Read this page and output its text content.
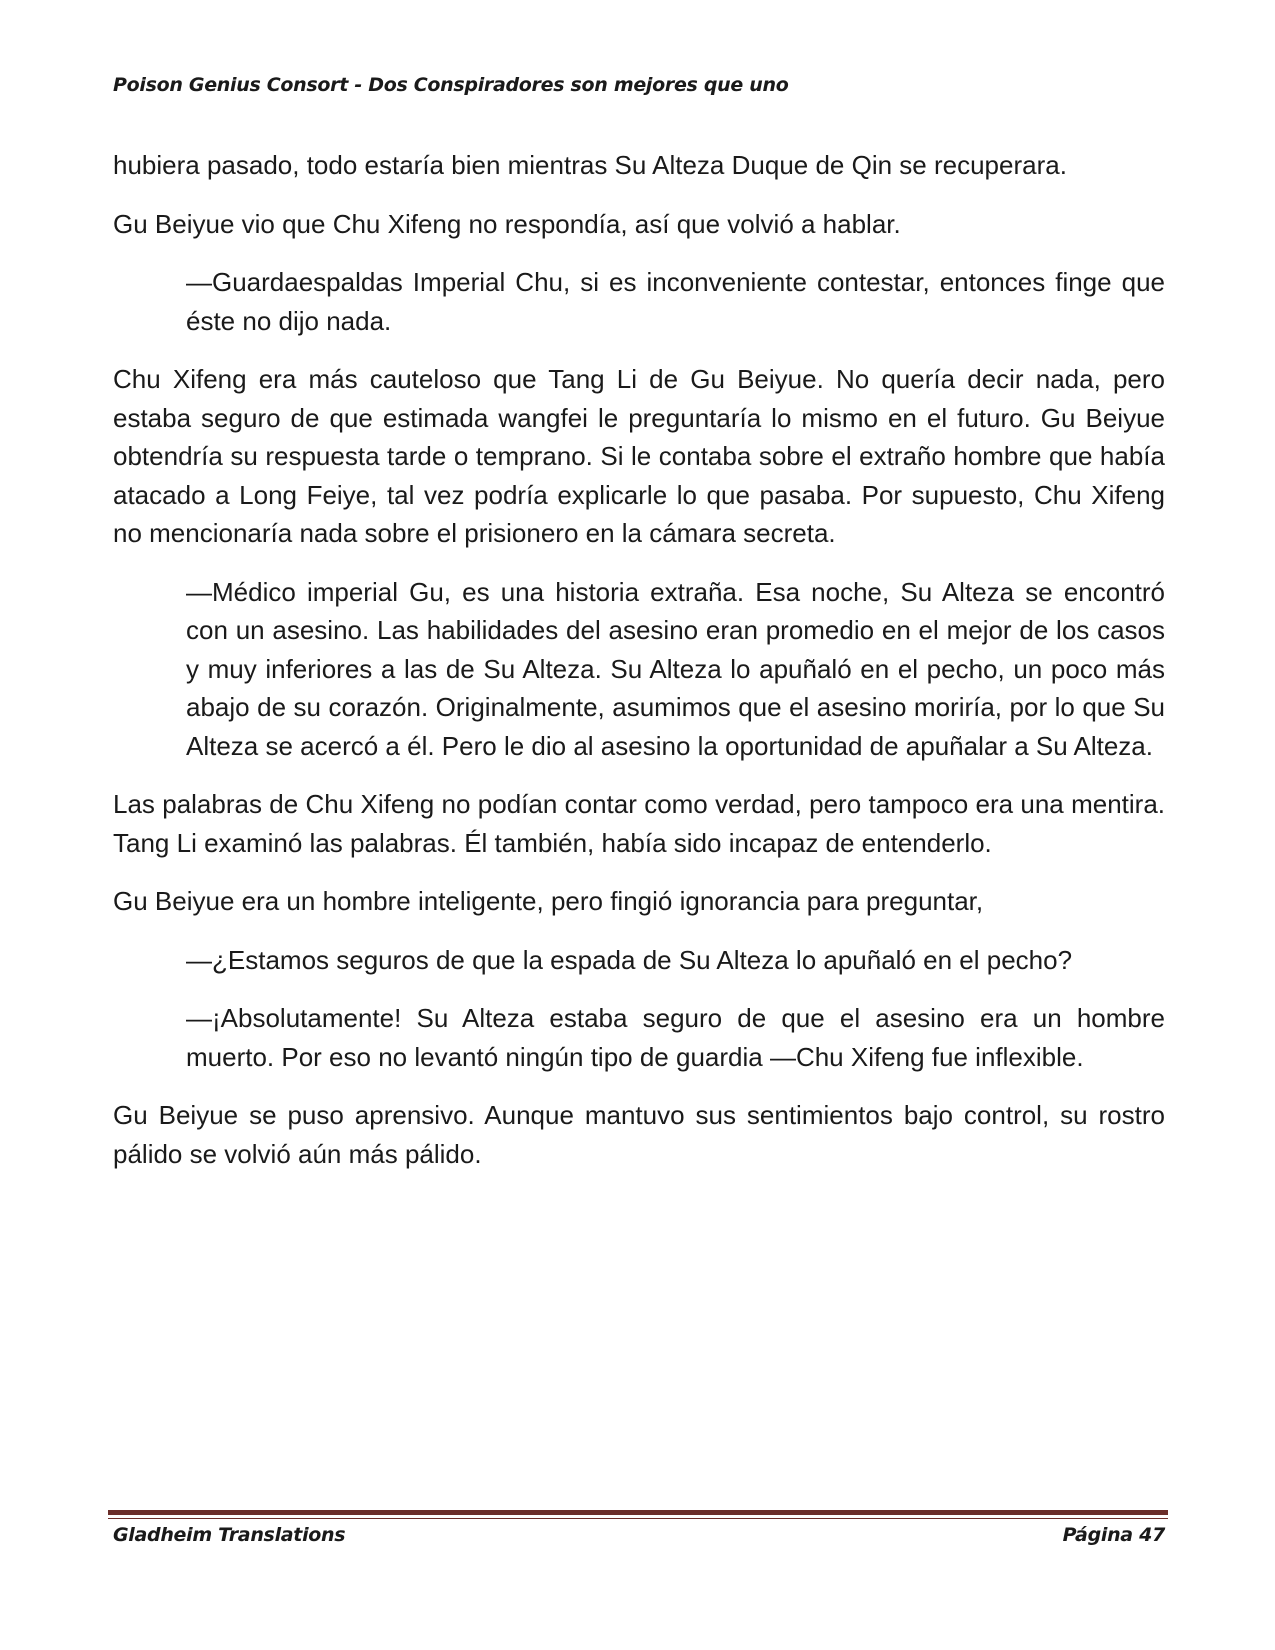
Poison Genius Consort - Dos Conspiradores son mejores que uno

hubiera pasado, todo estaría bien mientras Su Alteza Duque de Qin se recuperara.

Gu Beiyue vio que Chu Xifeng no respondía, así que volvió a hablar.

—Guardaespaldas Imperial Chu, si es inconveniente contestar, entonces finge que éste no dijo nada.

Chu Xifeng era más cauteloso que Tang Li de Gu Beiyue. No quería decir nada, pero estaba seguro de que estimada wangfei le preguntaría lo mismo en el futuro. Gu Beiyue obtendría su respuesta tarde o temprano. Si le contaba sobre el extraño hombre que había atacado a Long Feiye, tal vez podría explicarle lo que pasaba. Por supuesto, Chu Xifeng no mencionaría nada sobre el prisionero en la cámara secreta.

—Médico imperial Gu, es una historia extraña. Esa noche, Su Alteza se encontró con un asesino. Las habilidades del asesino eran promedio en el mejor de los casos y muy inferiores a las de Su Alteza. Su Alteza lo apuñaló en el pecho, un poco más abajo de su corazón. Originalmente, asumimos que el asesino moriría, por lo que Su Alteza se acercó a él. Pero le dio al asesino la oportunidad de apuñalar a Su Alteza.

Las palabras de Chu Xifeng no podían contar como verdad, pero tampoco era una mentira. Tang Li examinó las palabras. Él también, había sido incapaz de entenderlo.

Gu Beiyue era un hombre inteligente, pero fingió ignorancia para preguntar,

—¿Estamos seguros de que la espada de Su Alteza lo apuñaló en el pecho?

—¡Absolutamente! Su Alteza estaba seguro de que el asesino era un hombre muerto. Por eso no levantó ningún tipo de guardia —Chu Xifeng fue inflexible.

Gu Beiyue se puso aprensivo. Aunque mantuvo sus sentimientos bajo control, su rostro pálido se volvió aún más pálido.

Gladheim Translations	Página 47
